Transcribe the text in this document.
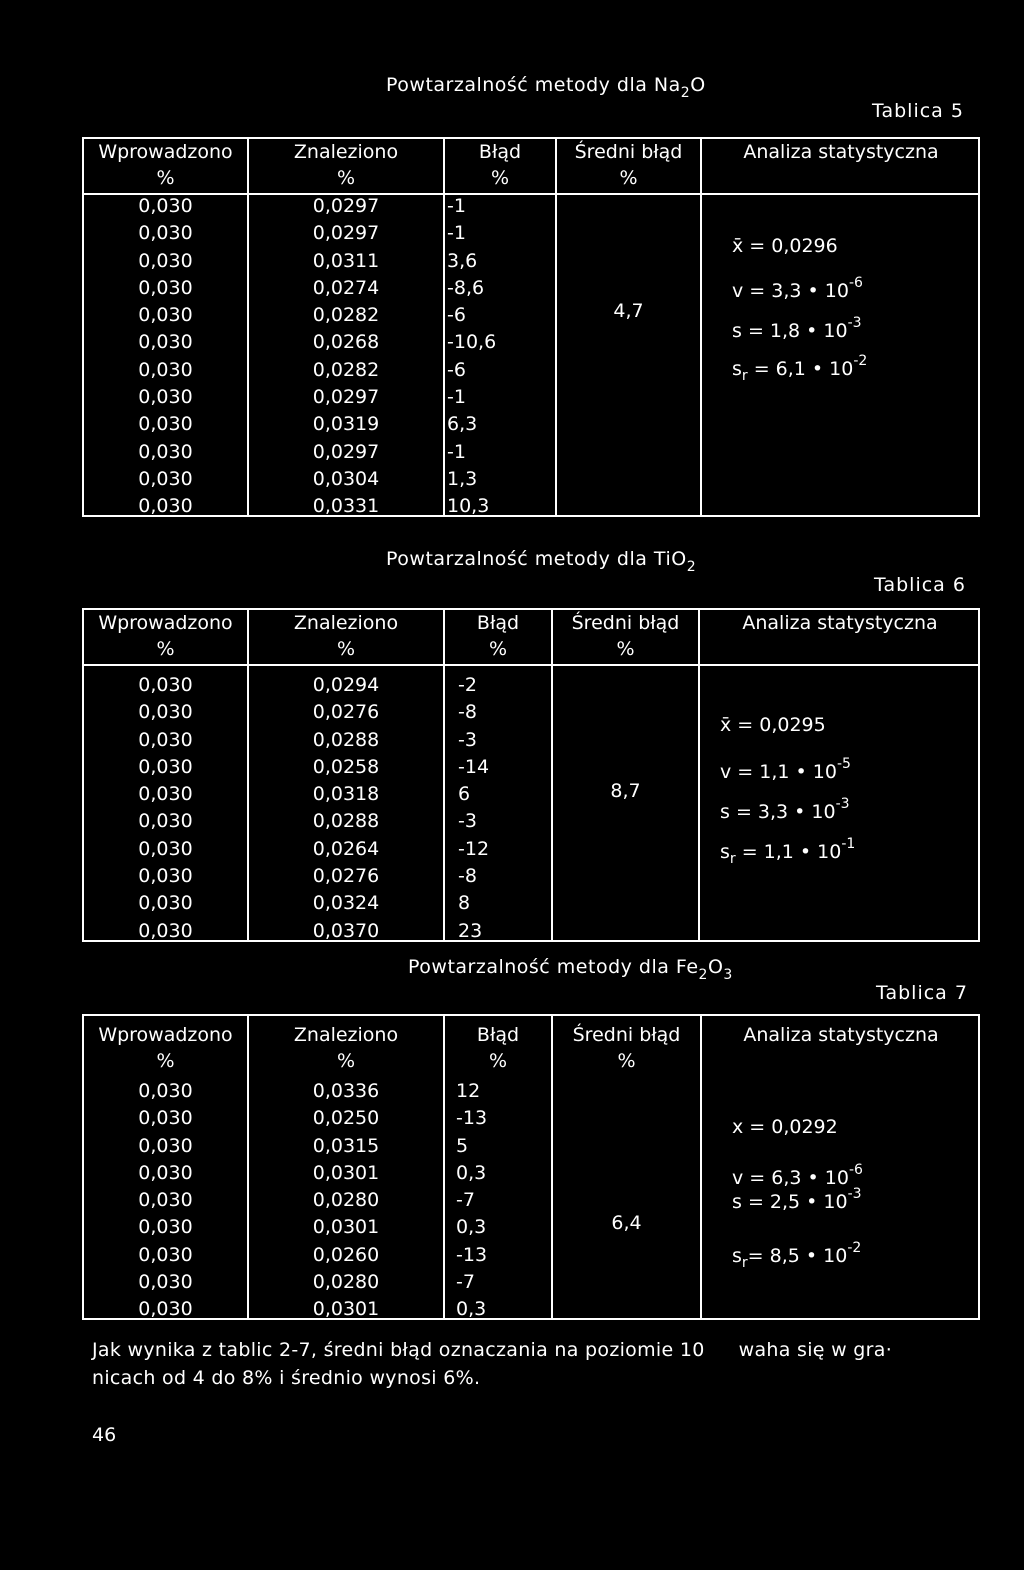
Powtarzalność metody dla $Na_2O$
Tablica 5
Wprowadzono
%
Znaleziono
%
Błąd
%
Średni błąd
%
Analiza statystyczna
0,030
0,030
0,030
0,030
0,030
0,030
0,030
0,030
0,030
0,030
0,030
0,030
0,0297
0,0297
0,0311
0,0274
0,0282
0,0268
0,0282
0,0297
0,0319
0,0297
0,0304
0,0331
-1
-1
3,6
-8,6
-6
-10,6
-6
-1
6,3
-1
1,3
10,3
4,7
x̄ = 0,0296
v = 3,3 • $10^{-6}$
s = 1,8 • $10^{-3}$
$s_r = 6,1$ • $10^{-2}$
Powtarzalność metody dla TiO$_2$
Tablica 6
Wprowadzono
%
Znaleziono
%
Błąd
%
Średni błąd
%
Analiza statystyczna
0,030
0,030
0,030
0,030
0,030
0,030
0,030
0,030
0,030
0,030
0,0294
0,0276
0,0288
0,0258
0,0318
0,0288
0,0264
0,0276
0,0324
0,0370
-2
-8
-3
-14
6
-3
-12
-8
8
23
8,7
x̄ = 0,0295
v = 1,1 • $10^{-5}$
s = 3,3 • $10^{-3}$
$s_r = 1,1$ • $10^{-1}$
Powtarzalność metody dla $Fe_2O_3$
Tablica 7
Wprowadzono
%
Znaleziono
%
Błąd
%
Średni błąd
%
Analiza statystyczna
0,030
0,030
0,030
0,030
0,030
0,030
0,030
0,030
0,030
0,0336
0,0250
0,0315
0,0301
0,0280
0,0301
0,0260
0,0280
0,0301
12
-13
5
0,3
-7
0,3
-13
-7
0,3
6,4
x = 0,0292
v = 6,3 • $10^{-6}$
s = 2,5 • $10^{-3}$
$s_r= 8,5$ • $10^{-2}$
Jak wynika z tablic 2-7, średni błąd oznaczania na poziomie 10 waha się w gra·
nicach od 4 do 8% i średnio wynosi 6%.
46
